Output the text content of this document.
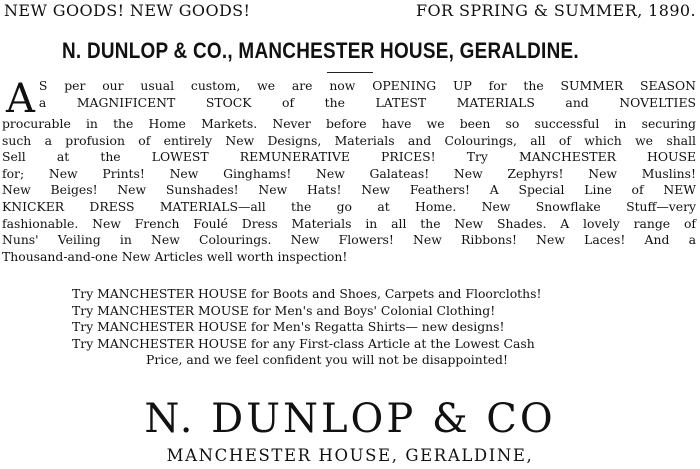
NEW GOODS! NEW GOODS!	FOR SPRING & SUMMER, 1890.
N. DUNLOP & CO., MANCHESTER HOUSE, GERALDINE.
A S per our usual custom, we are now OPENING UP for the SUMMER SEASON
a MAGNIFICENT STOCK of the LATEST MATERIALS and NOVELTIES
procurable in the Home Markets. Never before have we been so successful in securing
such a profusion of entirely New Designs, Materials and Colourings, all of which we shall
Sell at the LOWEST REMUNERATIVE PRICES! Try MANCHESTER HOUSE
for; New Prints! New Ginghams! New Galateas! New Zephyrs! New Muslins!
New Beiges! New Sunshades! New Hats! New Feathers! A Special Line of NEW
KNICKER DRESS MATERIALS—all the go at Home. New Snowflake Stuff—very
fashionable. New French Foulé Dress Materials in all the New Shades. A lovely range of
Nuns' Veiling in New Colourings. New Flowers! New Ribbons! New Laces! And a
Thousand-and-one New Articles well worth inspection!
Try MANCHESTER HOUSE for Boots and Shoes, Carpets and Floorcloths!
Try MANCHESTER MOUSE for Men's and Boys' Colonial Clothing!
Try MANCHESTER HOUSE for Men's Regatta Shirts— new designs!
Try MANCHESTER HOUSE for any First-class Article at the Lowest Cash
Price, and we feel confident you will not be disappointed!
N. DUNLOP & CO
MANCHESTER HOUSE, GERALDINE,
